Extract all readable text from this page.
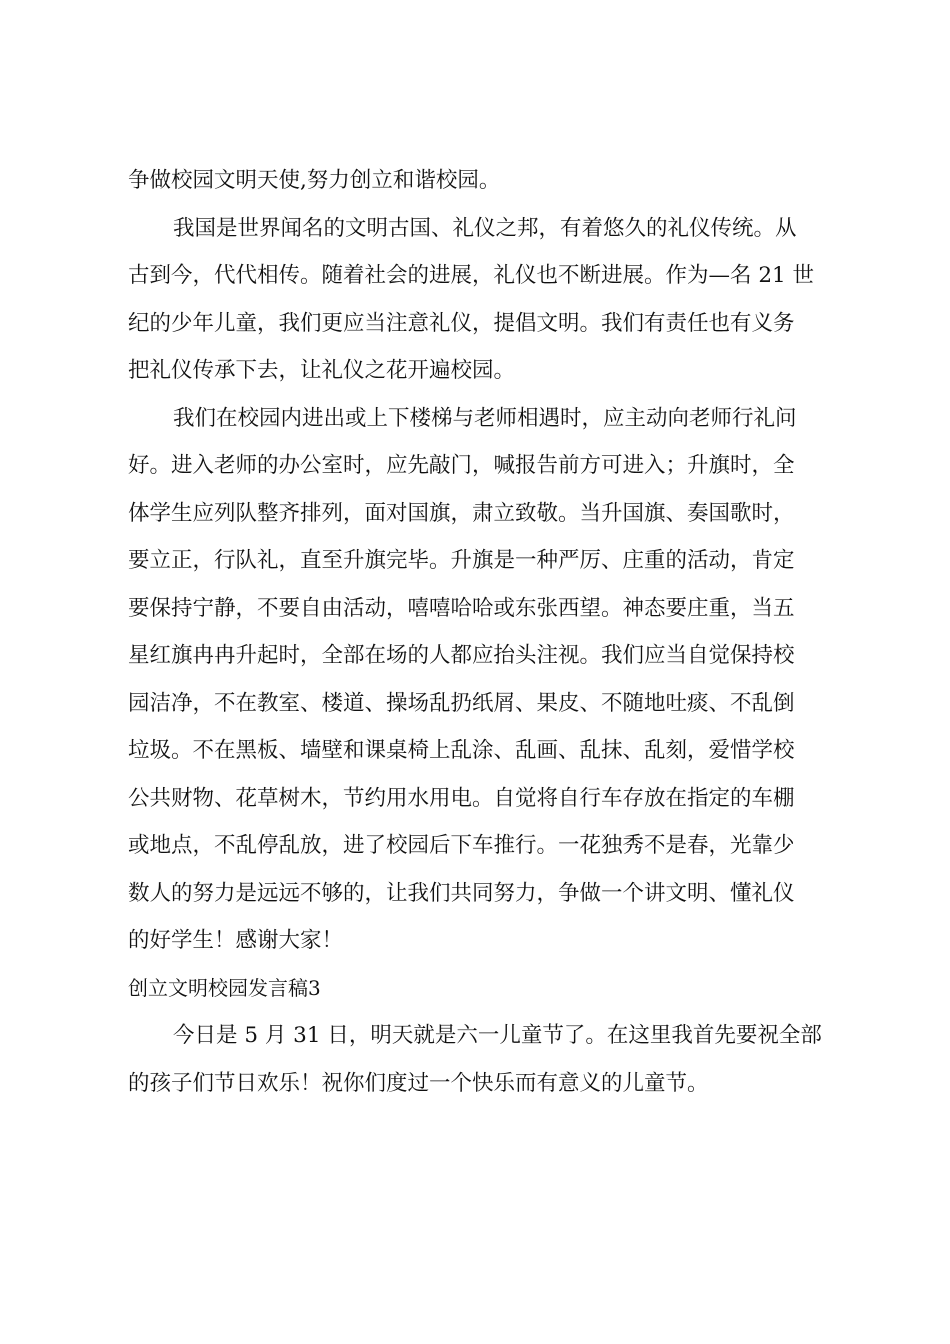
争做校园文明天使,努力创立和谐校园。
我国是世界闻名的文明古国、礼仪之邦，有着悠久的礼仪传统。从
古到今，代代相传。随着社会的进展，礼仪也不断进展。作为—名 21 世
纪的少年儿童，我们更应当注意礼仪，提倡文明。我们有责任也有义务
把礼仪传承下去，让礼仪之花开遍校园。
我们在校园内进出或上下楼梯与老师相遇时，应主动向老师行礼问
好。进入老师的办公室时，应先敲门，喊报告前方可进入；升旗时，全
体学生应列队整齐排列，面对国旗，肃立致敬。当升国旗、奏国歌时，
要立正，行队礼，直至升旗完毕。升旗是一种严厉、庄重的活动，肯定
要保持宁静，不要自由活动，嘻嘻哈哈或东张西望。神态要庄重，当五
星红旗冉冉升起时，全部在场的人都应抬头注视。我们应当自觉保持校
园洁净，不在教室、楼道、操场乱扔纸屑、果皮、不随地吐痰、不乱倒
垃圾。不在黑板、墙壁和课桌椅上乱涂、乱画、乱抹、乱刻，爱惜学校
公共财物、花草树木，节约用水用电。自觉将自行车存放在指定的车棚
或地点，不乱停乱放，进了校园后下车推行。一花独秀不是春，光靠少
数人的努力是远远不够的，让我们共同努力，争做一个讲文明、懂礼仪
的好学生！感谢大家！
创立文明校园发言稿3
今日是 5 月 31 日，明天就是六一儿童节了。在这里我首先要祝全部
的孩子们节日欢乐！祝你们度过一个快乐而有意义的儿童节。
